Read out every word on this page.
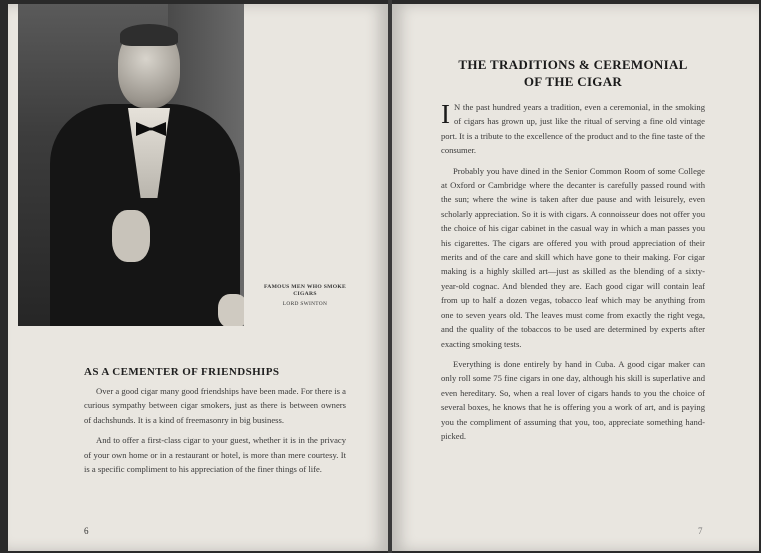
FAMOUS MEN WHO SMOKE CIGARS
LORD SWINTON
AS A CEMENTER OF FRIENDSHIPS

Over a good cigar many good friendships have been made. For there is a curious sympathy between cigar smokers, just as there is between owners of dachshunds. It is a kind of freemasonry in big business.

And to offer a first-class cigar to your guest, whether it is in the privacy of your own home or in a restaurant or hotel, is more than mere courtesy. It is a specific compliment to his appreciation of the finer things of life.

6
THE TRADITIONS & CEREMONIAL
OF THE CIGAR

I N the past hundred years a tradition, even a ceremonial, in the smoking of cigars has grown up, just like the ritual of serving a fine old vintage port. It is a tribute to the excellence of the product and to the fine taste of the consumer.

Probably you have dined in the Senior Common Room of some College at Oxford or Cambridge where the decanter is carefully passed round with the sun; where the wine is taken after due pause and with leisurely, even scholarly appreciation. So it is with cigars. A connoisseur does not offer you the choice of his cigar cabinet in the casual way in which a man passes you his cigarettes. The cigars are offered you with proud appreciation of their merits and of the care and skill which have gone to their making. For cigar making is a highly skilled art—just as skilled as the blending of a sixty-year-old cognac. And blended they are. Each good cigar will contain leaf from up to half a dozen vegas, tobacco leaf which may be anything from one to seven years old. The leaves must come from exactly the right vega, and the quality of the tobaccos to be used are determined by experts after exacting smoking tests.

Everything is done entirely by hand in Cuba. A good cigar maker can only roll some 75 fine cigars in one day, although his skill is superlative and even hereditary. So, when a real lover of cigars hands to you the choice of several boxes, he knows that he is offering you a work of art, and is paying you the compliment of assuming that you, too, appreciate something hand-picked.

7
